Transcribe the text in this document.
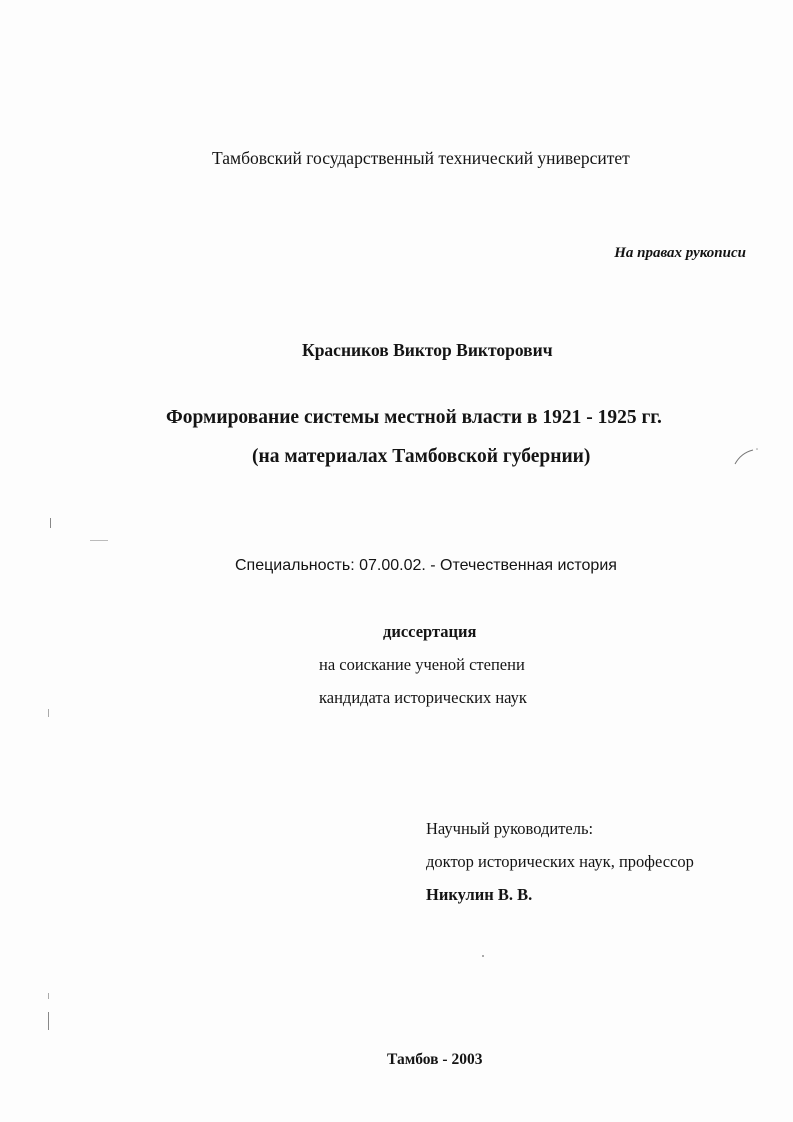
Тамбовский государственный технический университет
На правах рукописи
Красников Виктор Викторович
Формирование системы местной власти в 1921 - 1925 гг.
(на материалах Тамбовской губернии)
Специальность: 07.00.02. - Отечественная история
диссертация
на соискание ученой степени
кандидата исторических наук
Научный руководитель:
доктор исторических наук, профессор
Никулин В. В.
Тамбов - 2003
